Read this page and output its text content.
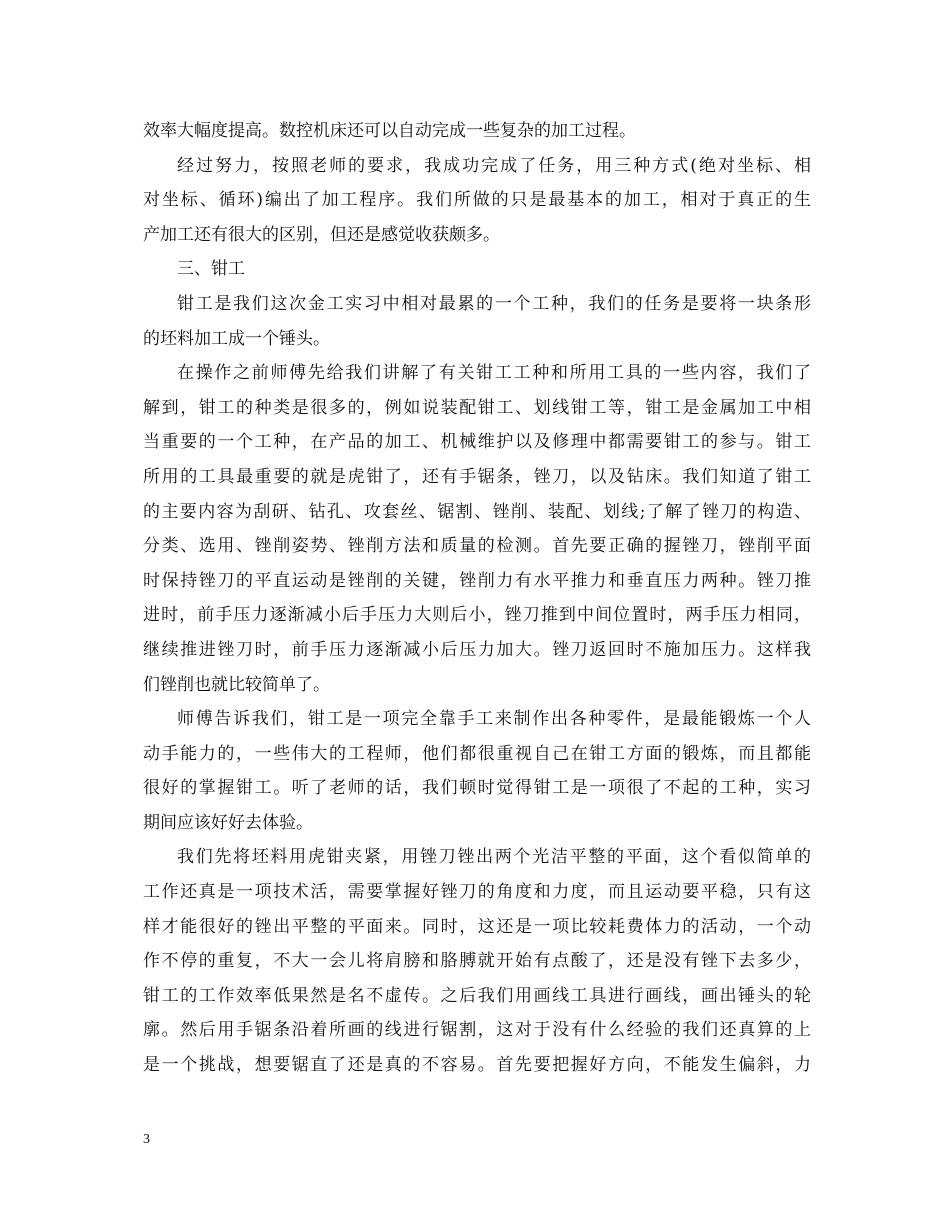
效率大幅度提高。数控机床还可以自动完成一些复杂的加工过程。
经过努力，按照老师的要求，我成功完成了任务，用三种方式(绝对坐标、相
对坐标、循环)编出了加工程序。我们所做的只是最基本的加工，相对于真正的生
产加工还有很大的区别，但还是感觉收获颇多。
三、钳工
钳工是我们这次金工实习中相对最累的一个工种，我们的任务是要将一块条形
的坯料加工成一个锤头。
在操作之前师傅先给我们讲解了有关钳工工种和所用工具的一些内容，我们了
解到，钳工的种类是很多的，例如说装配钳工、划线钳工等，钳工是金属加工中相
当重要的一个工种，在产品的加工、机械维护以及修理中都需要钳工的参与。钳工
所用的工具最重要的就是虎钳了，还有手锯条，锉刀，以及钻床。我们知道了钳工
的主要内容为刮研、钻孔、攻套丝、锯割、锉削、装配、划线;了解了锉刀的构造、
分类、选用、锉削姿势、锉削方法和质量的检测。首先要正确的握锉刀，锉削平面
时保持锉刀的平直运动是锉削的关键，锉削力有水平推力和垂直压力两种。锉刀推
进时，前手压力逐渐减小后手压力大则后小，锉刀推到中间位置时，两手压力相同，
继续推进锉刀时，前手压力逐渐减小后压力加大。锉刀返回时不施加压力。这样我
们锉削也就比较简单了。
师傅告诉我们，钳工是一项完全靠手工来制作出各种零件，是最能锻炼一个人
动手能力的，一些伟大的工程师，他们都很重视自己在钳工方面的锻炼，而且都能
很好的掌握钳工。听了老师的话，我们顿时觉得钳工是一项很了不起的工种，实习
期间应该好好去体验。
我们先将坯料用虎钳夹紧，用锉刀锉出两个光洁平整的平面，这个看似简单的
工作还真是一项技术活，需要掌握好锉刀的角度和力度，而且运动要平稳，只有这
样才能很好的锉出平整的平面来。同时，这还是一项比较耗费体力的活动，一个动
作不停的重复，不大一会儿将肩膀和胳膊就开始有点酸了，还是没有锉下去多少，
钳工的工作效率低果然是名不虚传。之后我们用画线工具进行画线，画出锤头的轮
廓。然后用手锯条沿着所画的线进行锯割，这对于没有什么经验的我们还真算的上
是一个挑战，想要锯直了还是真的不容易。首先要把握好方向，不能发生偏斜，力
3
